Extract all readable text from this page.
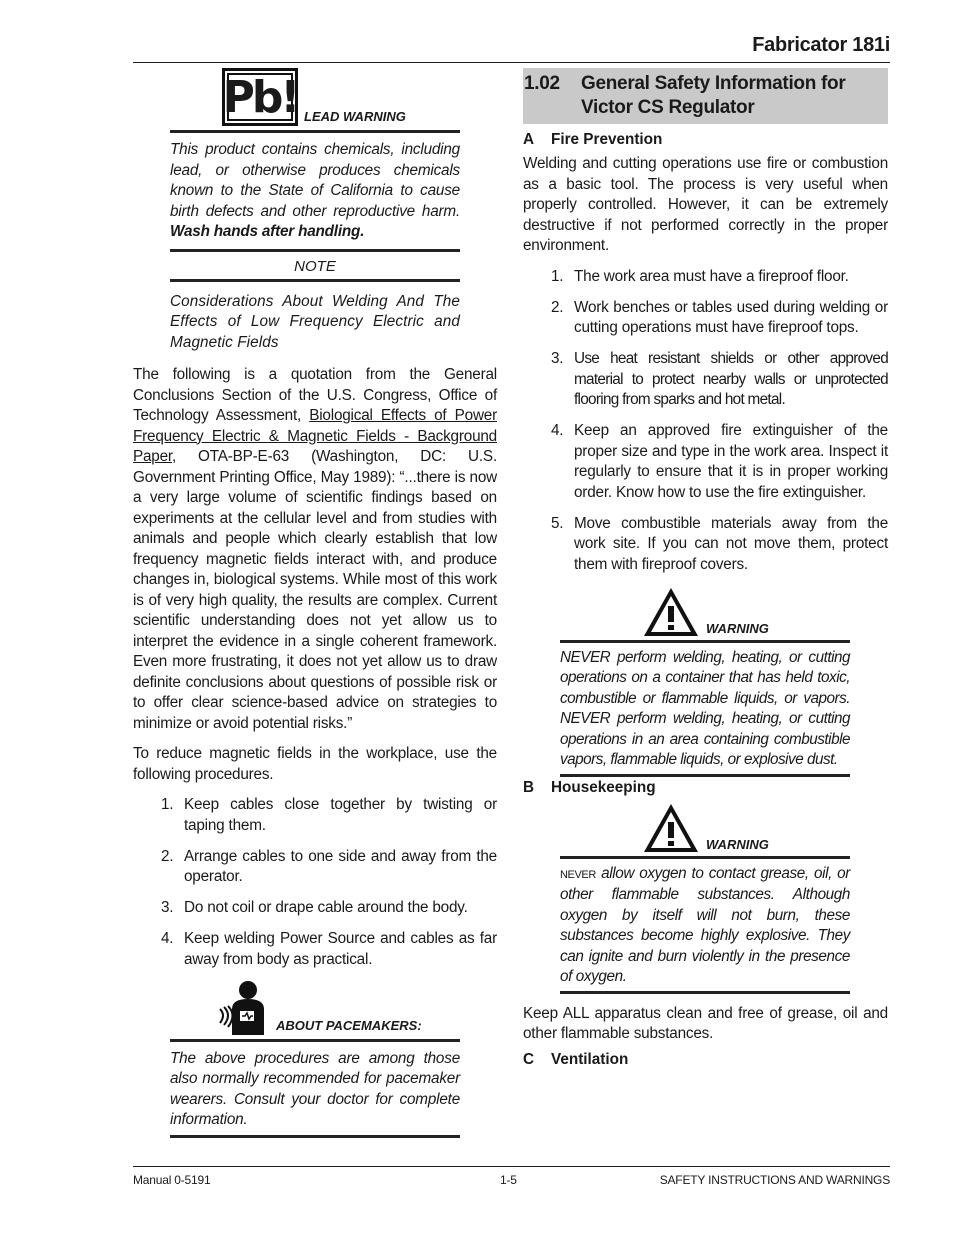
Fabricator 181i
Pb! LEAD WARNING

This product contains chemicals, including lead, or otherwise produces chemicals known to the State of California to cause birth defects and other reproductive harm. Wash hands after handling.

NOTE

Considerations About Welding And The Effects of Low Frequency Electric and Magnetic Fields

The following is a quotation from the General Conclusions Section of the U.S. Congress, Office of Technology Assessment, Biological Effects of Power Frequency Electric & Magnetic Fields - Background Paper, OTA-BP-E-63 (Washington, DC: U.S. Government Printing Office, May 1989): “...there is now a very large volume of scientific findings based on experiments at the cellular level and from studies with animals and people which clearly establish that low frequency magnetic fields interact with, and produce changes in, biological systems. While most of this work is of very high quality, the results are complex. Current scientific understanding does not yet allow us to interpret the evidence in a single coherent framework. Even more frustrating, it does not yet allow us to draw definite conclusions about questions of possible risk or to offer clear science-based advice on strategies to minimize or avoid potential risks.”

To reduce magnetic fields in the workplace, use the following procedures.

1. Keep cables close together by twisting or taping them.
2. Arrange cables to one side and away from the operator.
3. Do not coil or drape cable around the body.
4. Keep welding Power Source and cables as far away from body as practical.
ABOUT PACEMAKERS:

The above procedures are among those also normally recommended for pacemaker wearers. Consult your doctor for complete information.

1.02	General Safety Information for Victor CS Regulator
A	Fire Prevention

Welding and cutting operations use fire or combustion as a basic tool. The process is very useful when properly controlled. However, it can be extremely destructive if not performed correctly in the proper environment.

1. The work area must have a fireproof floor.
2. Work benches or tables used during welding or cutting operations must have fireproof tops.
3. Use heat resistant shields or other approved material to protect nearby walls or unprotected flooring from sparks and hot metal.
4. Keep an approved fire extinguisher of the proper size and type in the work area. Inspect it regularly to ensure that it is in proper working order. Know how to use the fire extinguisher.
5. Move combustible materials away from the work site. If you can not move them, protect them with fireproof covers.
WARNING

NEVER perform welding, heating, or cutting operations on a container that has held toxic, combustible or flammable liquids, or vapors. NEVER perform welding, heating, or cutting operations in an area containing combustible vapors, flammable liquids, or explosive dust.

B	Housekeeping
WARNING

NEVER allow oxygen to contact grease, oil, or other flammable substances. Although oxygen by itself will not burn, these substances become highly explosive. They can ignite and burn violently in the presence of oxygen.

Keep ALL apparatus clean and free of grease, oil and other flammable substances.

C	Ventilation
Manual 0-5191	1-5	SAFETY INSTRUCTIONS AND WARNINGS
